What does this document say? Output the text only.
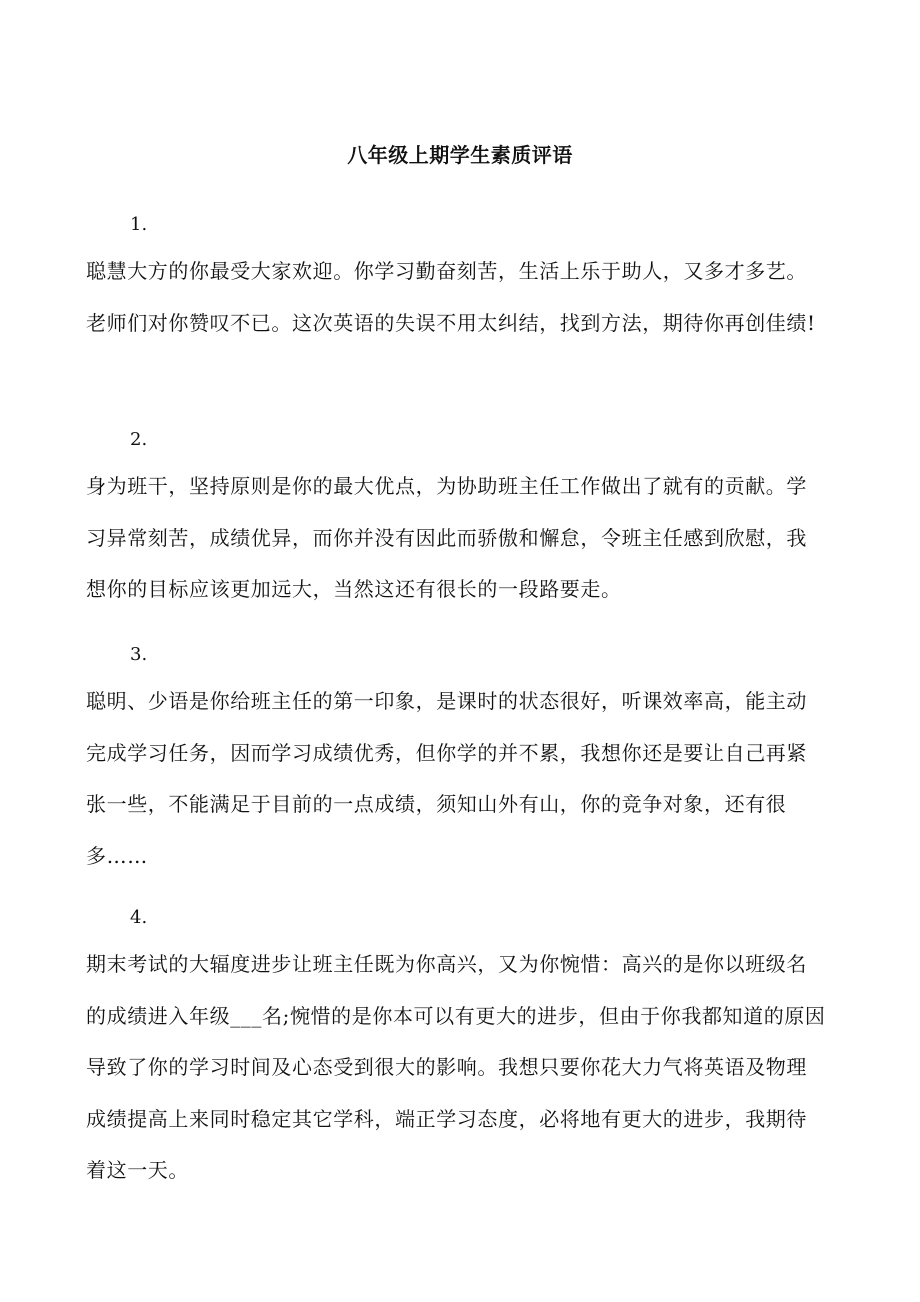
八年级上期学生素质评语
1.

聪慧大方的你最受大家欢迎。你学习勤奋刻苦，生活上乐于助人，又多才多艺。老师们对你赞叹不已。这次英语的失误不用太纠结，找到方法，期待你再创佳绩!

2.

身为班干，坚持原则是你的最大优点，为协助班主任工作做出了就有的贡献。学习异常刻苦，成绩优异，而你并没有因此而骄傲和懈怠，令班主任感到欣慰，我想你的目标应该更加远大，当然这还有很长的一段路要走。

3.

聪明、少语是你给班主任的第一印象，是课时的状态很好，听课效率高，能主动完成学习任务，因而学习成绩优秀，但你学的并不累，我想你还是要让自己再紧张一些，不能满足于目前的一点成绩，须知山外有山，你的竞争对象，还有很多……

4.

期末考试的大辐度进步让班主任既为你高兴，又为你惋惜：高兴的是你以班级名的成绩进入年级___名;惋惜的是你本可以有更大的进步，但由于你我都知道的原因导致了你的学习时间及心态受到很大的影响。我想只要你花大力气将英语及物理成绩提高上来同时稳定其它学科，端正学习态度，必将地有更大的进步，我期待着这一天。
